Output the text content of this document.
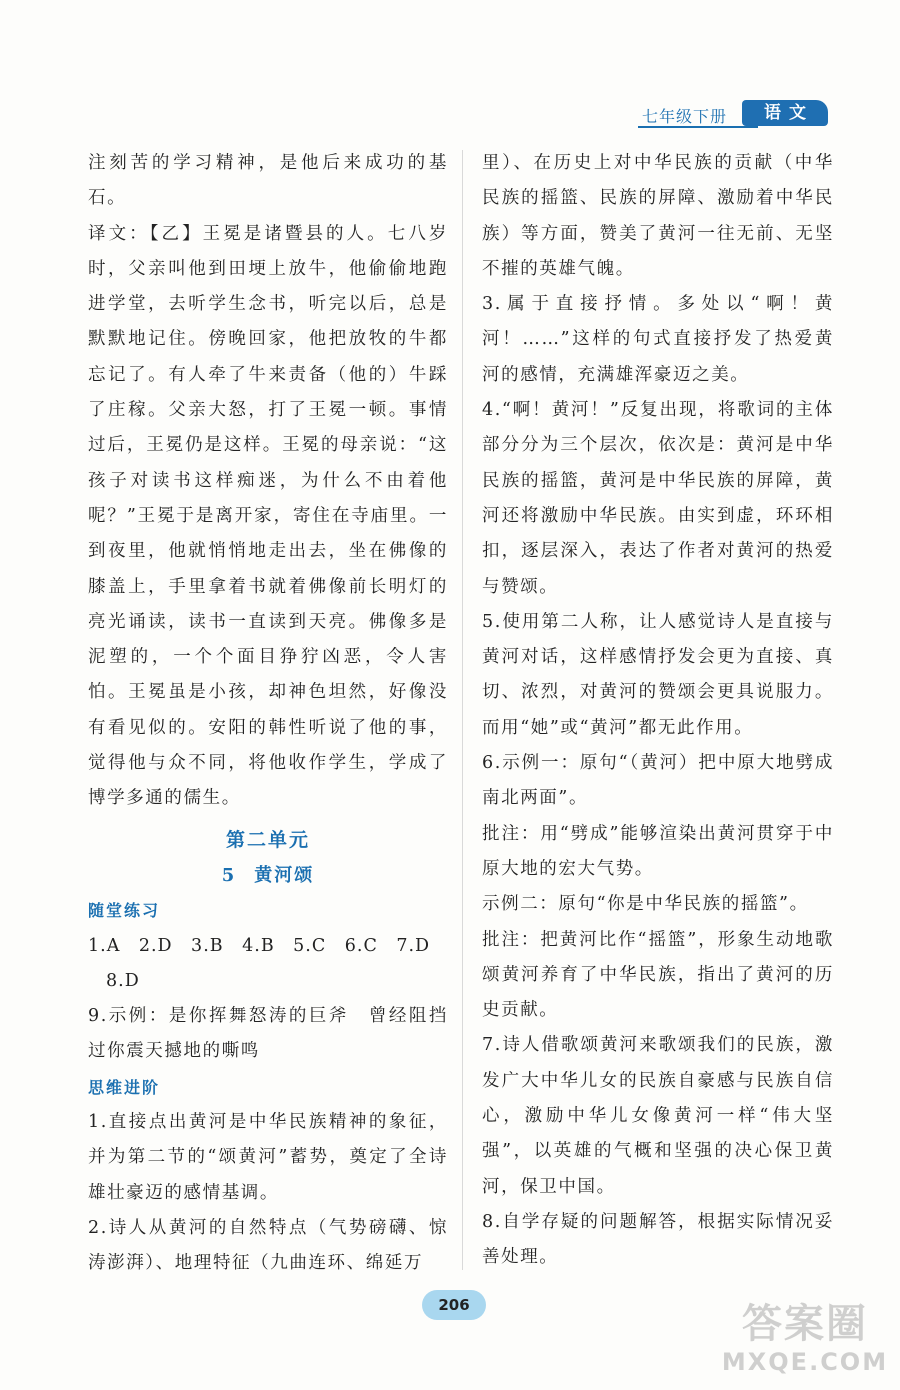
七年级下册	语文

注刻苦的学习精神，是他后来成功的基石。

译文：【乙】王冕是诸暨县的人。七八岁时，父亲叫他到田埂上放牛，他偷偷地跑进学堂，去听学生念书，听完以后，总是默默地记住。傍晚回家，他把放牧的牛都忘记了。有人牵了牛来责备（他的）牛踩了庄稼。父亲大怒，打了王冕一顿。事情过后，王冕仍是这样。王冕的母亲说：“这孩子对读书这样痴迷，为什么不由着他呢？”王冕于是离开家，寄住在寺庙里。一到夜里，他就悄悄地走出去，坐在佛像的膝盖上，手里拿着书就着佛像前长明灯的亮光诵读，读书一直读到天亮。佛像多是泥塑的，一个个面目狰狞凶恶，令人害怕。王冕虽是小孩，却神色坦然，好像没有看见似的。安阳的韩性听说了他的事，觉得他与众不同，将他收作学生，学成了博学多通的儒生。

第二单元
5 黄河颂
随堂练习
1.A　2.D　3.B　4.B　5.C　6.C　7.D
8.D

9.示例：是你挥舞怒涛的巨斧　曾经阻挡过你震天撼地的嘶鸣

思维进阶

1.直接点出黄河是中华民族精神的象征，并为第二节的“颂黄河”蓄势，奠定了全诗雄壮豪迈的感情基调。

2.诗人从黄河的自然特点（气势磅礴、惊涛澎湃）、地理特征（九曲连环、绵延万

里）、在历史上对中华民族的贡献（中华民族的摇篮、民族的屏障、激励着中华民族）等方面，赞美了黄河一往无前、无坚不摧的英雄气魄。

3.属于直接抒情。多处以“啊！黄河！……”这样的句式直接抒发了热爱黄河的感情，充满雄浑豪迈之美。

4.“啊！黄河！”反复出现，将歌词的主体部分分为三个层次，依次是：黄河是中华民族的摇篮，黄河是中华民族的屏障，黄河还将激励中华民族。由实到虚，环环相扣，逐层深入，表达了作者对黄河的热爱与赞颂。

5.使用第二人称，让人感觉诗人是直接与黄河对话，这样感情抒发会更为直接、真切、浓烈，对黄河的赞颂会更具说服力。而用“她”或“黄河”都无此作用。

6.示例一：原句“（黄河）把中原大地劈成南北两面”。

批注：用“劈成”能够渲染出黄河贯穿于中原大地的宏大气势。

示例二：原句“你是中华民族的摇篮”。

批注：把黄河比作“摇篮”，形象生动地歌颂黄河养育了中华民族，指出了黄河的历史贡献。

7.诗人借歌颂黄河来歌颂我们的民族，激发广大中华儿女的民族自豪感与民族自信心，激励中华儿女像黄河一样“伟大坚强”，以英雄的气概和坚强的决心保卫黄河，保卫中国。

8.自学存疑的问题解答，根据实际情况妥善处理。

206	答案圈
MXQE.COM
